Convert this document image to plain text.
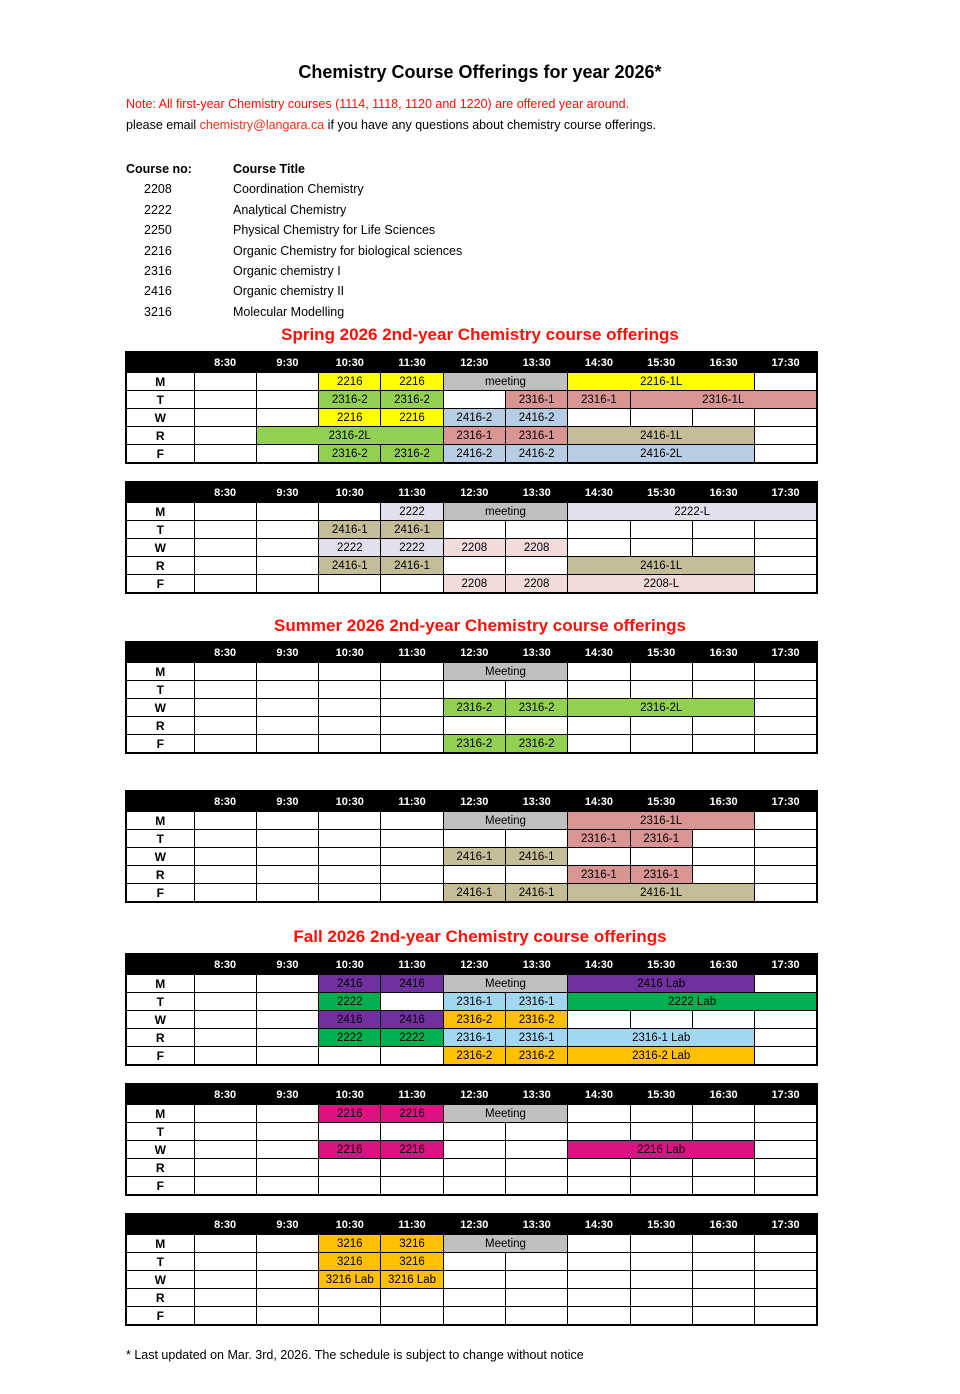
Chemistry Course Offerings for year 2026*
Note: All first-year Chemistry courses (1114, 1118, 1120 and 1220) are offered year around.
please email chemistry@langara.ca if you have any questions about chemistry course offerings.
Course no:	Course Title
2208	Coordination Chemistry
2222	Analytical Chemistry
2250	Physical Chemistry for Life Sciences
2216	Organic Chemistry for biological sciences
2316	Organic chemistry I
2416	Organic chemistry II
3216	Molecular Modelling
Spring 2026 2nd-year Chemistry course offerings
	8:30	9:30	10:30	11:30	12:30	13:30	14:30	15:30	16:30	17:30
M			2216	2216	meeting		2216-1L			
T			2316-2	2316-2		2316-1	2316-1	2316-1L		
W			2216	2216	2416-2	2416-2				
R		2316-2L			2316-1	2316-1	2416-1L			
F			2316-2	2316-2	2416-2	2416-2	2416-2L			
	8:30	9:30	10:30	11:30	12:30	13:30	14:30	15:30	16:30	17:30
M				2222	meeting		2222-L			
T			2416-1	2416-1						
W			2222	2222	2208	2208				
R			2416-1	2416-1			2416-1L			
F					2208	2208	2208-L			
Summer 2026 2nd-year Chemistry course offerings
	8:30	9:30	10:30	11:30	12:30	13:30	14:30	15:30	16:30	17:30
M					Meeting					
T										
W					2316-2	2316-2	2316-2L			
R										
F					2316-2	2316-2				
	8:30	9:30	10:30	11:30	12:30	13:30	14:30	15:30	16:30	17:30
M					Meeting		2316-1L			
T							2316-1	2316-1		
W					2416-1	2416-1				
R							2316-1	2316-1		
F					2416-1	2416-1	2416-1L			
Fall 2026 2nd-year Chemistry course offerings
	8:30	9:30	10:30	11:30	12:30	13:30	14:30	15:30	16:30	17:30
M			2416	2416	Meeting		2416 Lab			
T			2222		2316-1	2316-1	2222 Lab			
W			2416	2416	2316-2	2316-2				
R			2222	2222	2316-1	2316-1	2316-1 Lab			
F					2316-2	2316-2	2316-2 Lab			
	8:30	9:30	10:30	11:30	12:30	13:30	14:30	15:30	16:30	17:30
M			2216	2216	Meeting					
T										
W			2216	2216			2216 Lab			
R										
F										
	8:30	9:30	10:30	11:30	12:30	13:30	14:30	15:30	16:30	17:30
M			3216	3216	Meeting					
T			3216	3216						
W			3216 Lab	3216 Lab						
R										
F										
* Last updated on Mar. 3rd, 2026. The schedule is subject to change without notice
